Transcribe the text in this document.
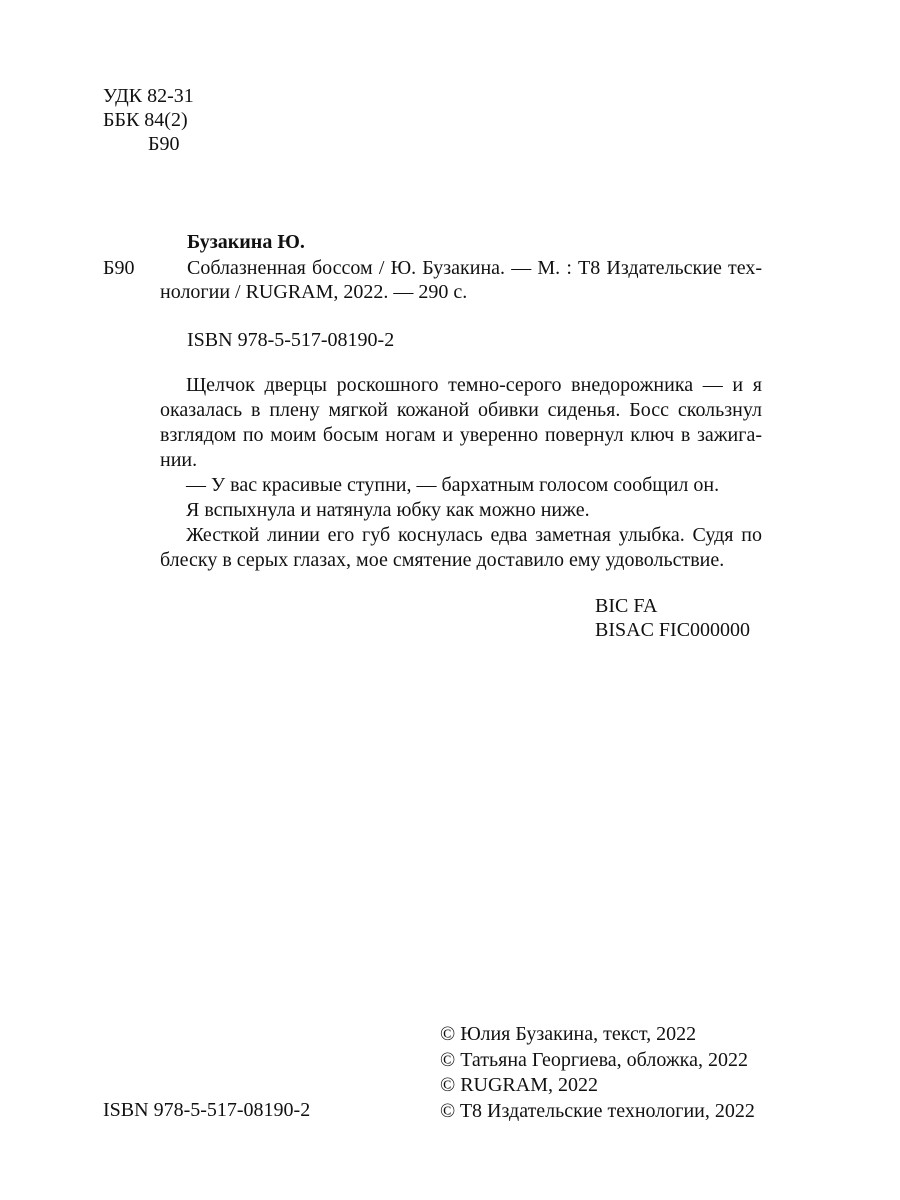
УДК 82-31
ББК 84(2)
Б90
Бузакина Ю.
Б90	Соблазненная боссом / Ю. Бузакина. — М. : T8 Издательские тех-
нологии / RUGRAM, 2022. — 290 с.
ISBN 978-5-517-08190-2

Щелчок дверцы роскошного темно-серого внедорожника — и я оказалась в плену мягкой кожаной обивки сиденья. Босс скользнул взглядом по моим босым ногам и уверенно повернул ключ в зажигании.

— У вас красивые ступни, — бархатным голосом сообщил он.

Я вспыхнула и натянула юбку как можно ниже.

Жесткой линии его губ коснулась едва заметная улыбка. Судя по блеску в серых глазах, мое смятение доставило ему удовольствие.

BIC FA
BISAC FIC000000
© Юлия Бузакина, текст, 2022
© Татьяна Георгиева, обложка, 2022
© RUGRAM, 2022
© T8 Издательские технологии, 2022
ISBN 978-5-517-08190-2
